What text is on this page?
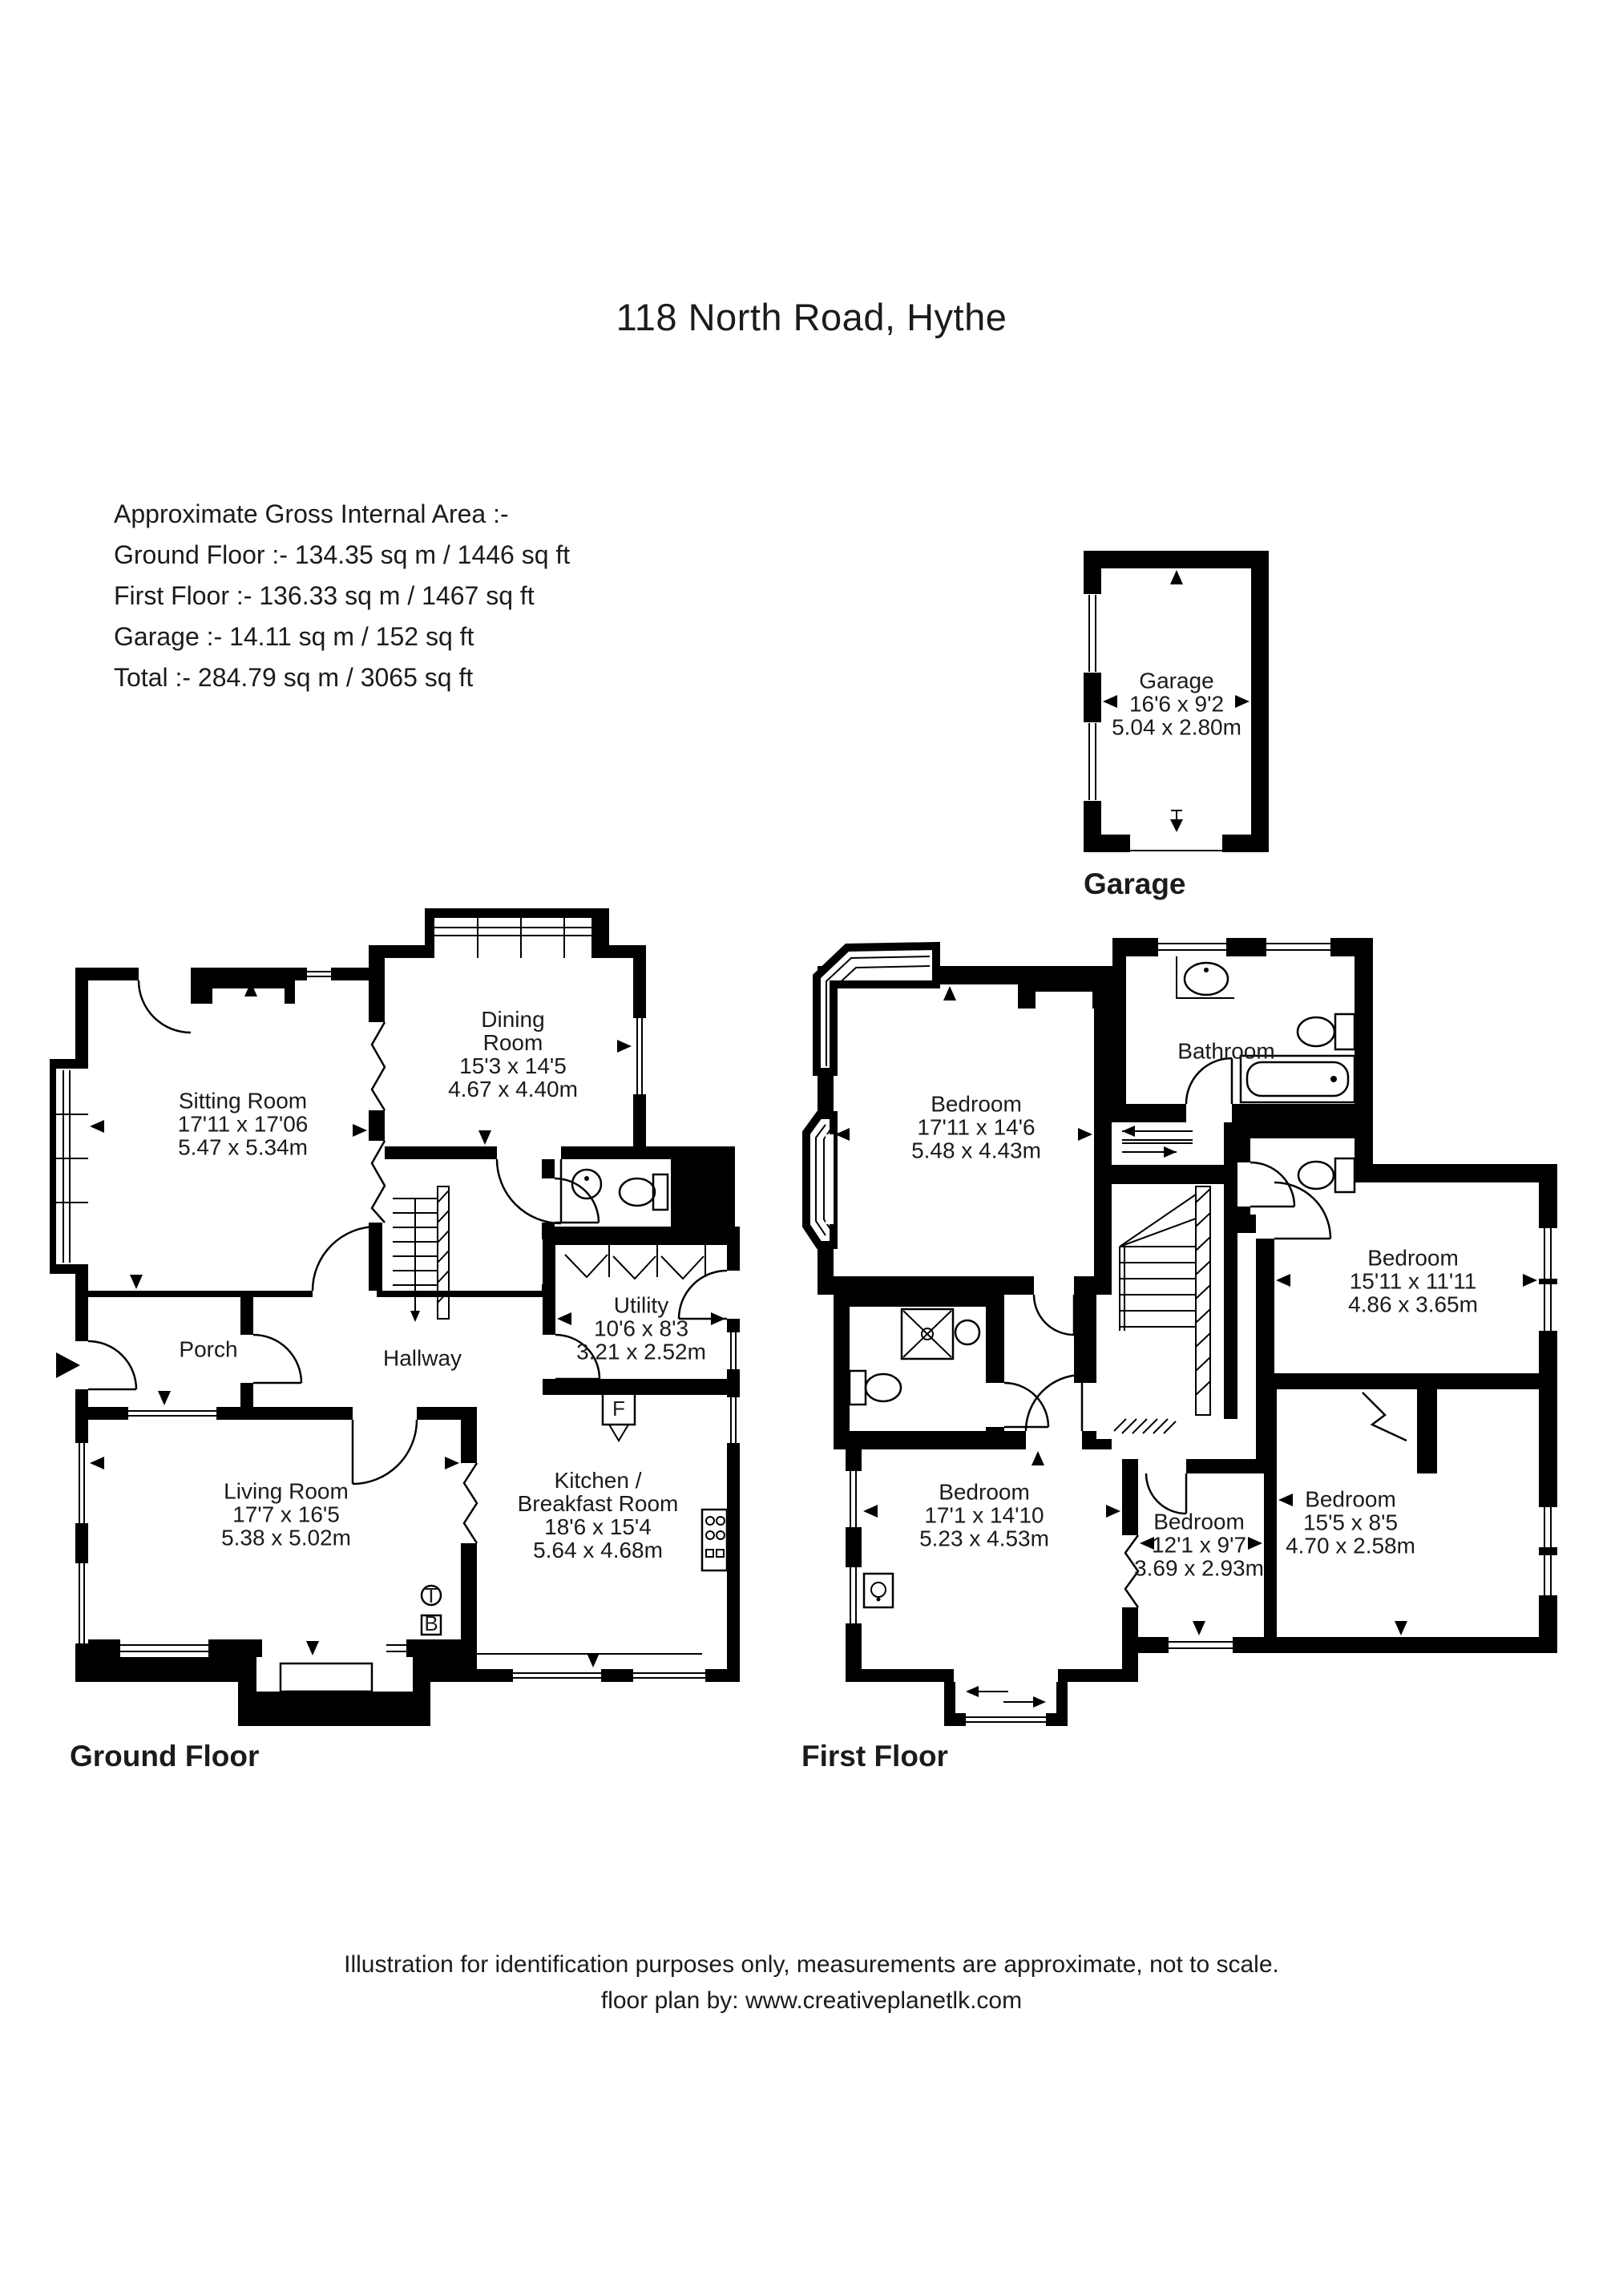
118 North Road, Hythe
Approximate Gross Internal Area :-
Ground Floor :- 134.35 sq m / 1446 sq ft
First Floor :- 136.33 sq m / 1467 sq ft
Garage :- 14.11 sq m / 152 sq ft
Total :- 284.79 sq m / 3065 sq ft	Garage
16'6 x 9'2
5.04 x 2.80m
Garage
F
T
B
Sitting Room
17'11 x 17'06
5.47 x 5.34m
Dining
Room
15'3 x 14'5
4.67 x 4.40m
Porch	Hallway
Utility
10'6 x 8'3
3.21 x 2.52m
Living Room
17'7 x 16'5
5.38 x 5.02m
Kitchen /
Breakfast Room
18'6 x 15'4
5.64 x 4.68m
Ground Floor
Bedroom
17'11 x 14'6
5.48 x 4.43m
Bathroom
Bedroom
15'11 x 11'11
4.86 x 3.65m
Bedroom
17'1 x 14'10
5.23 x 4.53m
Bedroom
12'1 x 9'7
3.69 x 2.93m
Bedroom
15'5 x 8'5
4.70 x 2.58m
First Floor
Illustration for identification purposes only, measurements are approximate, not to scale.
floor plan by: www.creativeplanetlk.com
